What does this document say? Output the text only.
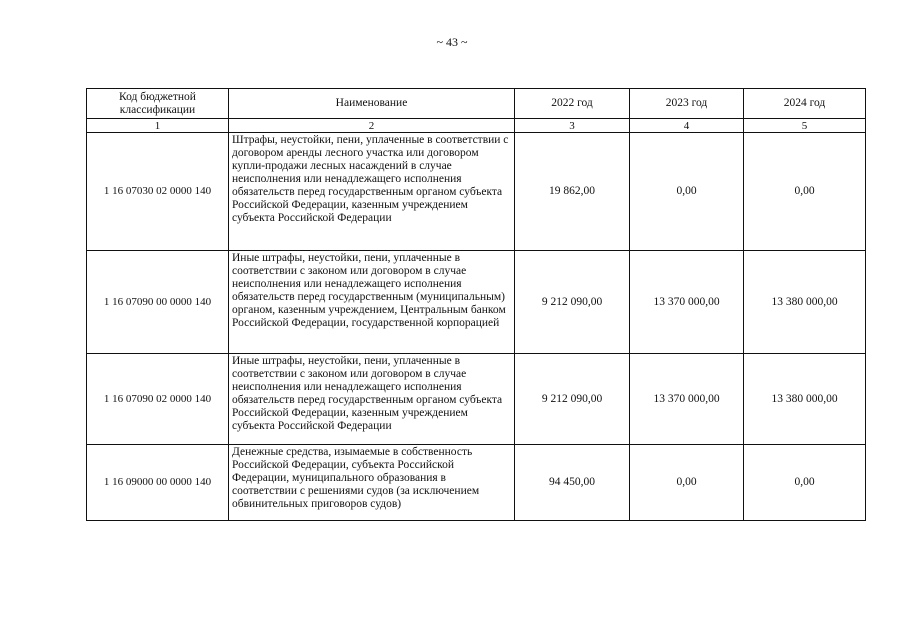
~ 43 ~
Код бюджетной классификации	Наименование	2022 год	2023 год	2024 год
1	2	3	4	5
1 16 07030 02 0000 140	Штрафы, неустойки, пени, уплаченные в соответствии с договором аренды лесного участка или договором купли-продажи лесных насаждений в случае неисполнения или ненадлежащего исполнения обязательств перед государственным органом субъекта Российской Федерации, казенным учреждением субъекта Российской Федерации	19 862,00	0,00	0,00
1 16 07090 00 0000 140	Иные штрафы, неустойки, пени, уплаченные в соответствии с законом или договором в случае неисполнения или ненадлежащего исполнения обязательств перед государственным (муниципальным) органом, казенным учреждением, Центральным банком Российской Федерации, государственной корпорацией	9 212 090,00	13 370 000,00	13 380 000,00
1 16 07090 02 0000 140	Иные штрафы, неустойки, пени, уплаченные в соответствии с законом или договором в случае неисполнения или ненадлежащего исполнения обязательств перед государственным органом субъекта Российской Федерации, казенным учреждением субъекта Российской Федерации	9 212 090,00	13 370 000,00	13 380 000,00
1 16 09000 00 0000 140	Денежные средства, изымаемые в собственность Российской Федерации, субъекта Российской Федерации, муниципального образования в соответствии с решениями судов (за исключением обвинительных приговоров судов)	94 450,00	0,00	0,00
